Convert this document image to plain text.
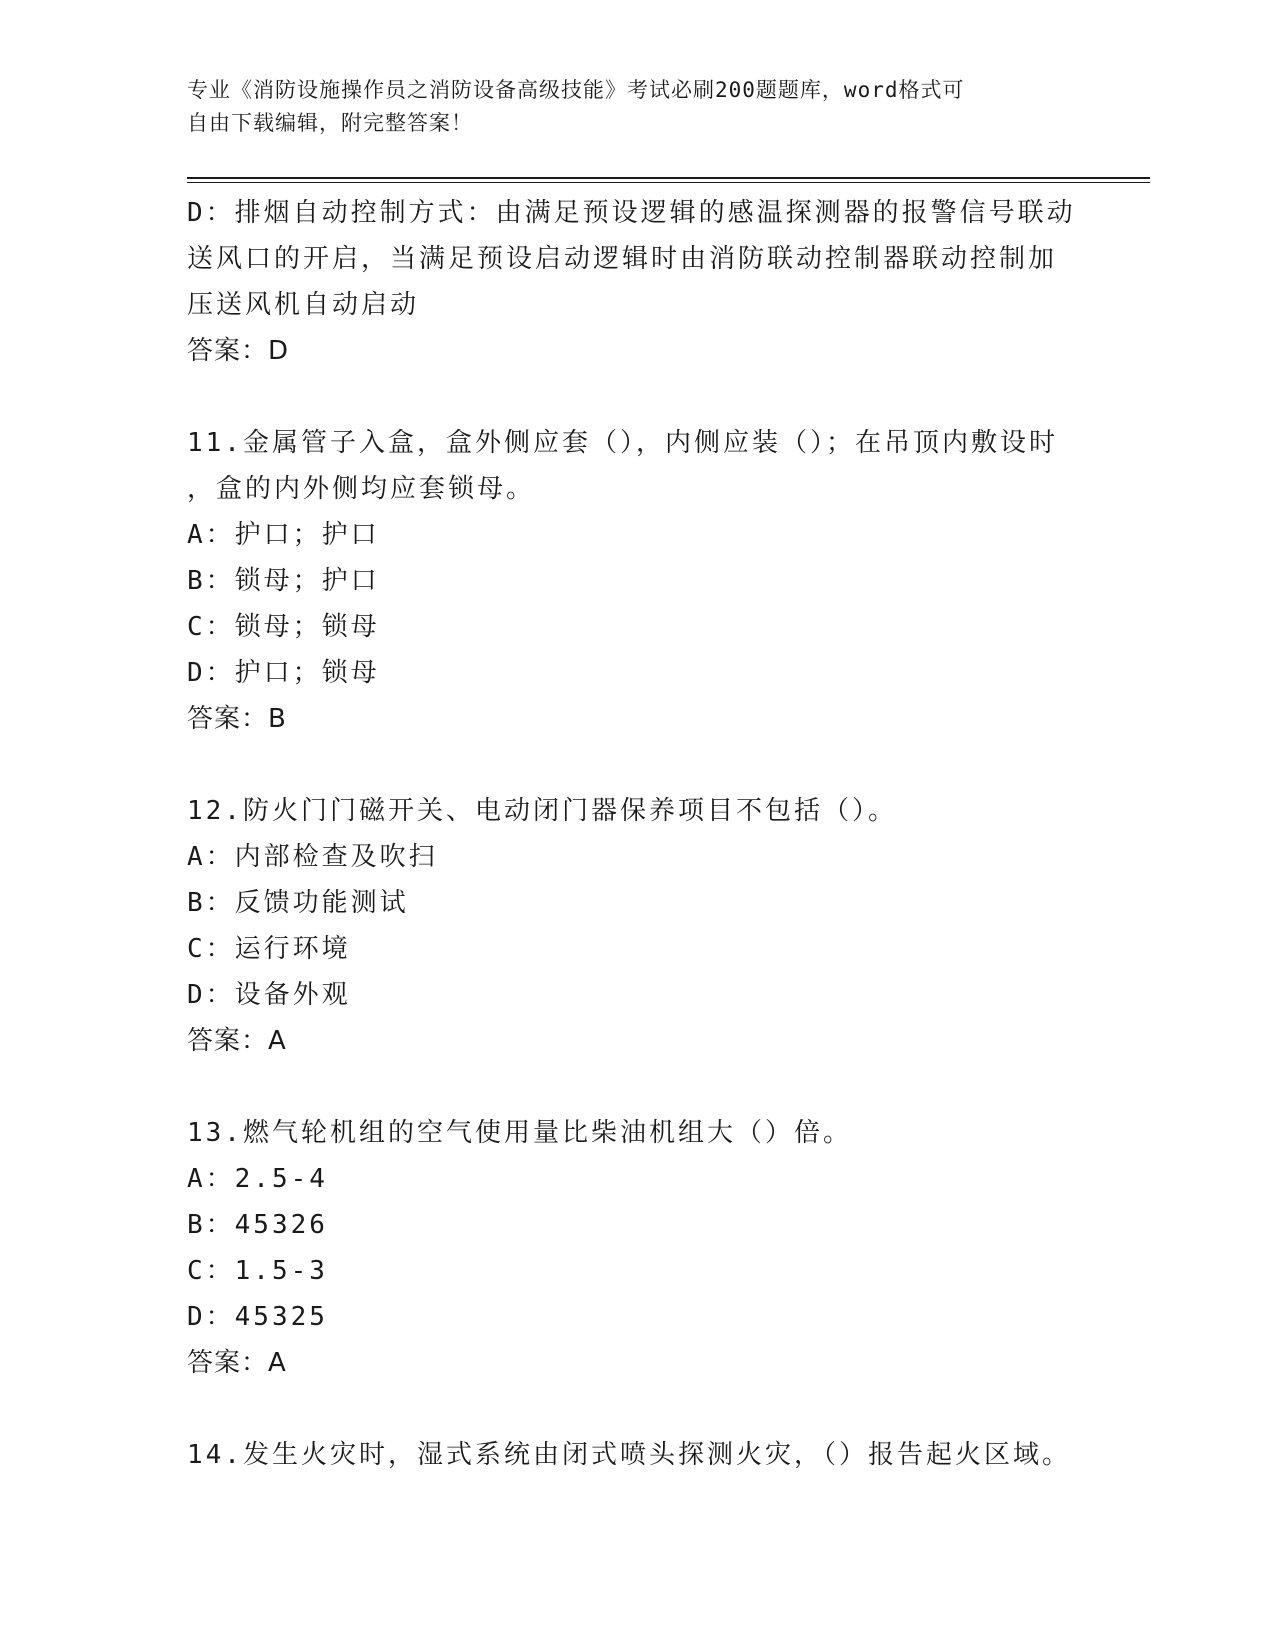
专业《消防设施操作员之消防设备高级技能》考试必刷200题题库，word格式可
自由下载编辑，附完整答案！
D：排烟自动控制方式：由满足预设逻辑的感温探测器的报警信号联动
送风口的开启，当满足预设启动逻辑时由消防联动控制器联动控制加
压送风机自动启动
答案：D
11.金属管子入盒，盒外侧应套（），内侧应装（）；在吊顶内敷设时
，盒的内外侧均应套锁母。
A：护口；护口
B：锁母；护口
C：锁母；锁母
D：护口；锁母
答案：B
12.防火门门磁开关、电动闭门器保养项目不包括（）。
A：内部检查及吹扫
B：反馈功能测试
C：运行环境
D：设备外观
答案：A
13.燃气轮机组的空气使用量比柴油机组大（）倍。
A：2.5-4
B：45326
C：1.5-3
D：45325
答案：A
14.发生火灾时，湿式系统由闭式喷头探测火灾，（）报告起火区域。
